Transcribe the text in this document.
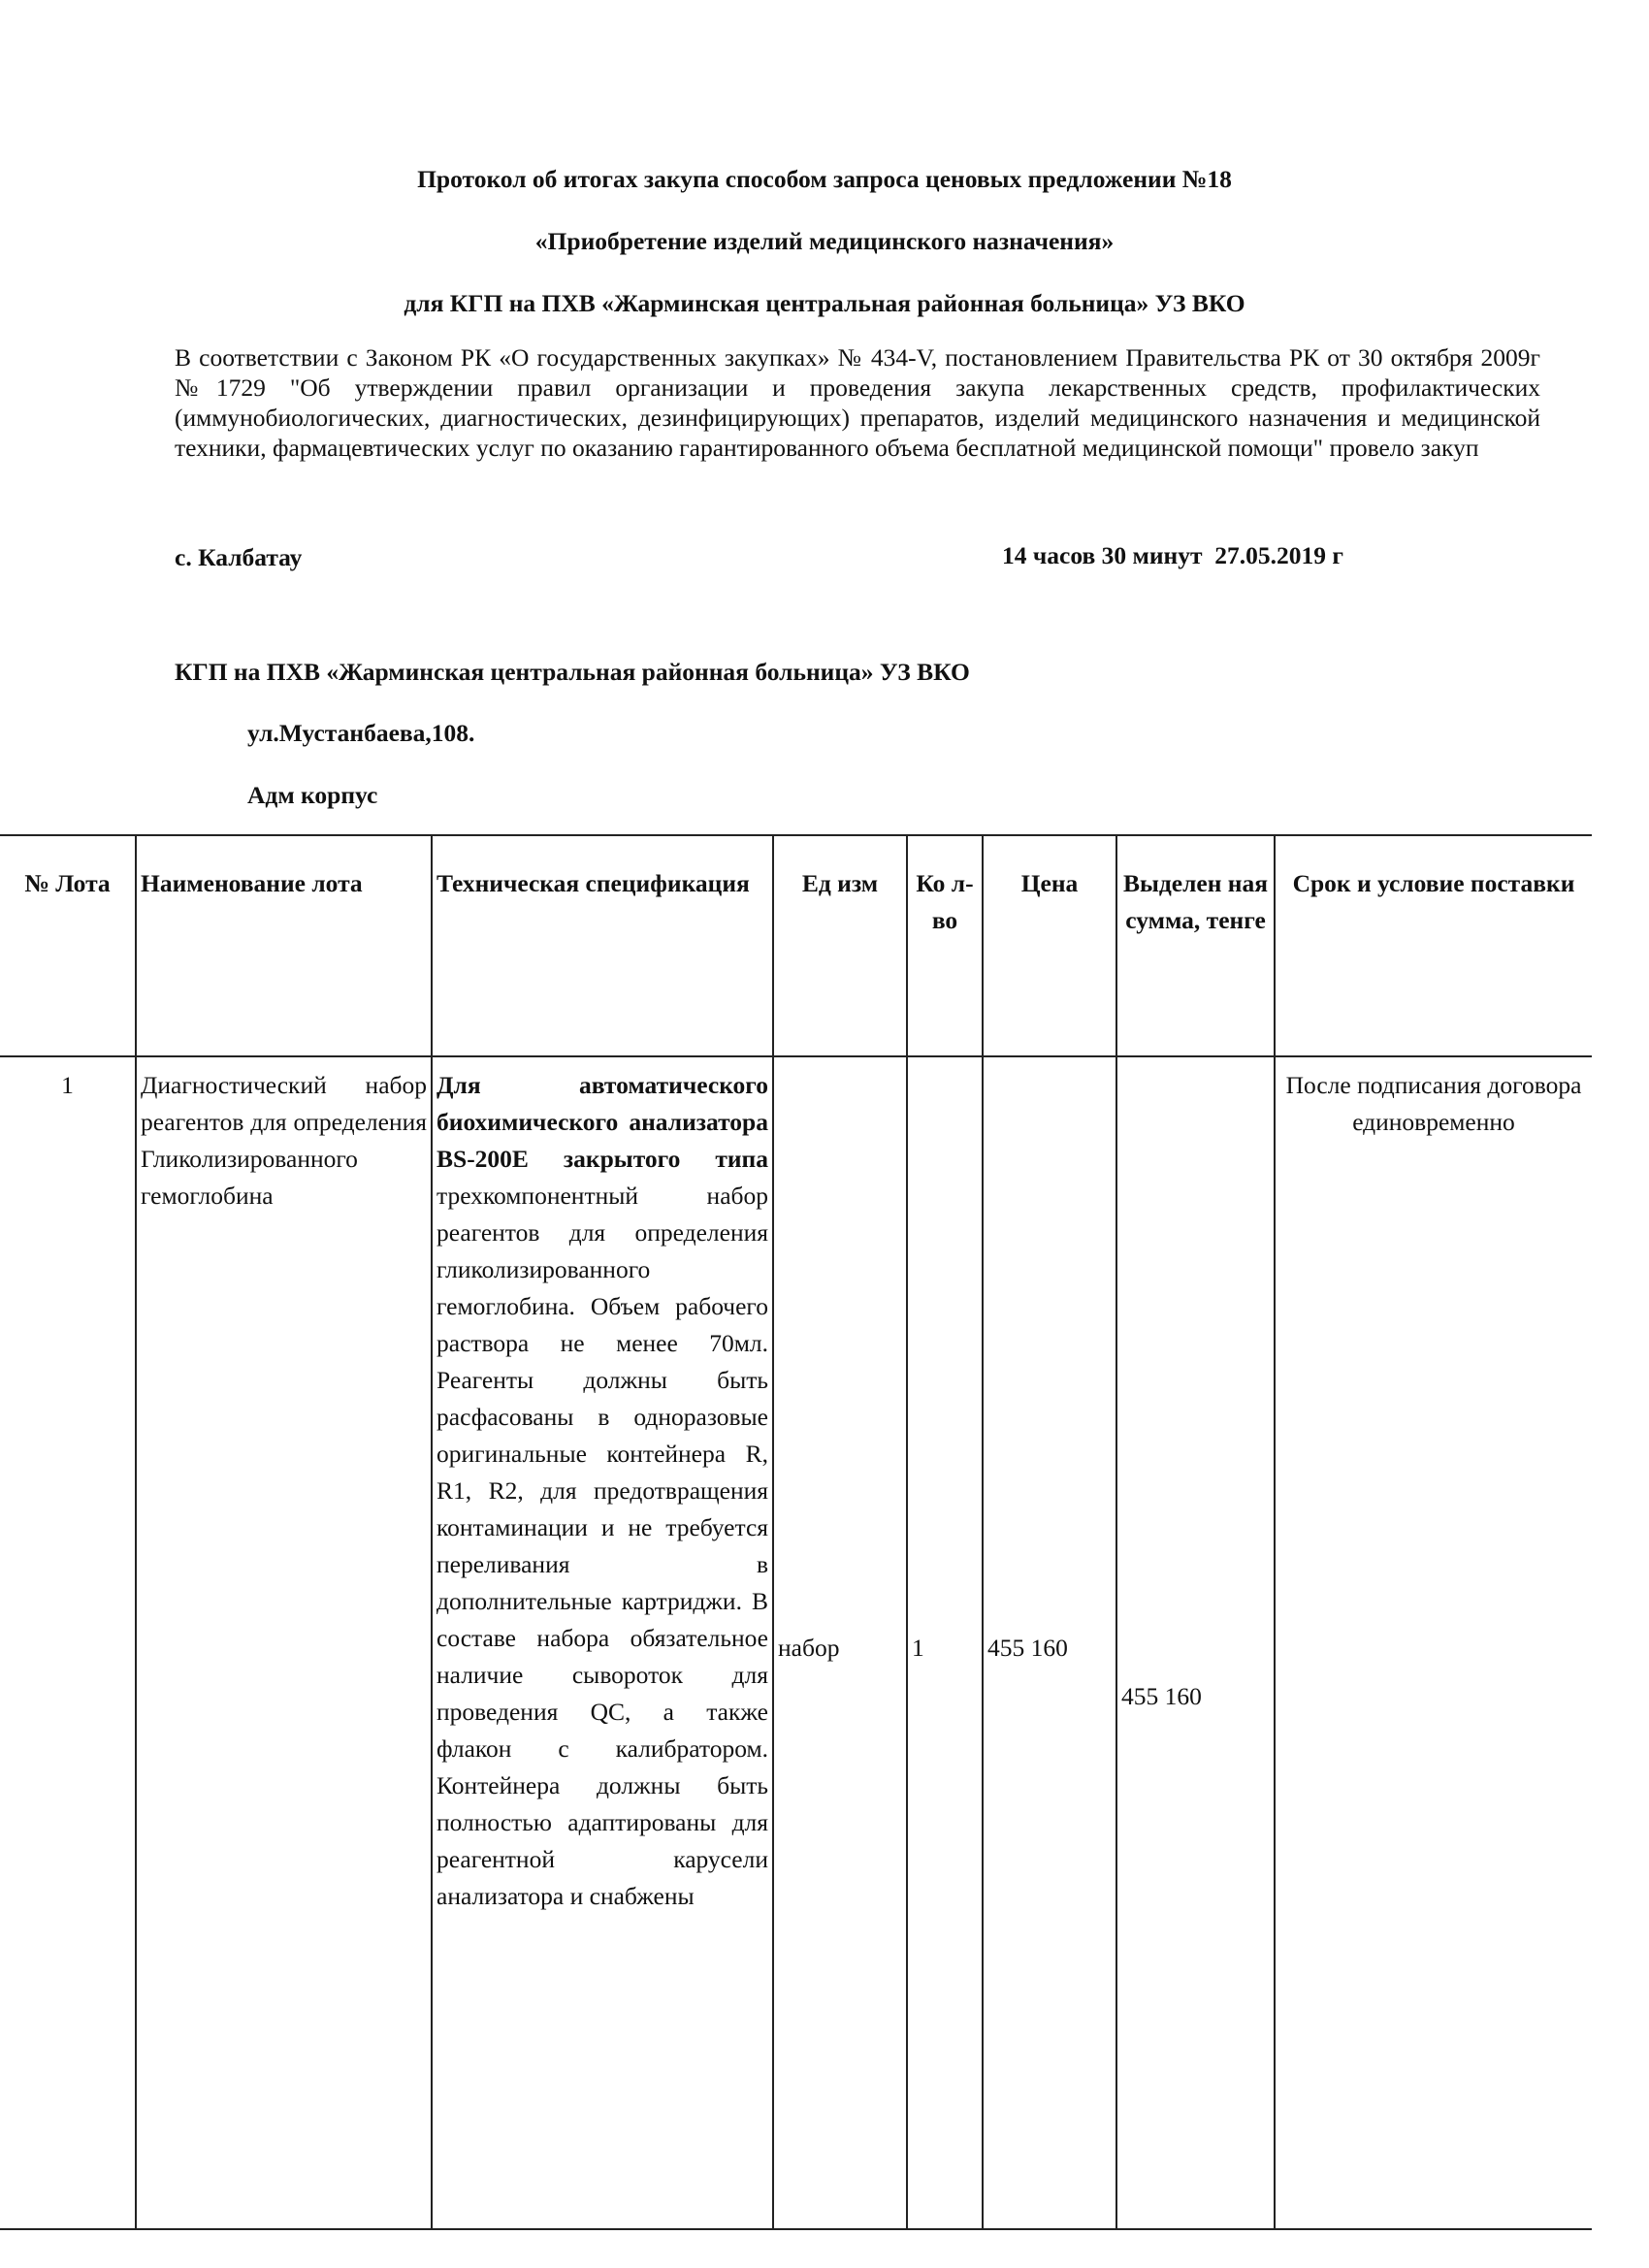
Протокол об итогах закупа способом запроса ценовых предложении №18
«Приобретение изделий медицинского назначения»
для КГП на ПХВ «Жарминская центральная районная больница» УЗ ВКО
В соответствии с Законом РК «О государственных закупках» № 434-V, постановлением Правительства РК от 30 октября 2009г №1729 "Об утверждении правил организации и проведения закупа лекарственных средств, профилактических (иммунобиологических, диагностических, дезинфицирующих) препаратов, изделий медицинского назначения и медицинской техники, фармацевтических услуг по оказанию гарантированного объема бесплатной медицинской помощи" провело закуп
с. Калбатау	14 часов 30 минут  27.05.2019 г
КГП на ПХВ «Жарминская центральная районная больница» УЗ ВКО
ул.Мустанбаева,108.
Адм корпус
№ Лота	Наименование лота	Техническая спецификация	Ед изм	Ко л- во	Цена	Выделен ная сумма, тенге	Срок и условие поставки
1	Диагностический набор реагентов для определения Гликолизированного гемоглобина	Для автоматического биохимического анализатора BS-200E закрытого типа трехкомпонентный набор реагентов для определения гликолизированного гемоглобина. Объем рабочего раствора не менее 70мл. Реагенты должны быть расфасованы в одноразовые оригинальные контейнера R, R1, R2, для предотвращения контаминации и не требуется переливания в дополнительные картриджи. В составе набора обязательное наличие сывороток для проведения QC, а также флакон с калибратором. Контейнера должны быть полностью адаптированы для реагентной карусели анализатора и снабжены	набор	1	455 160	455 160	После подписания договора единовременно
